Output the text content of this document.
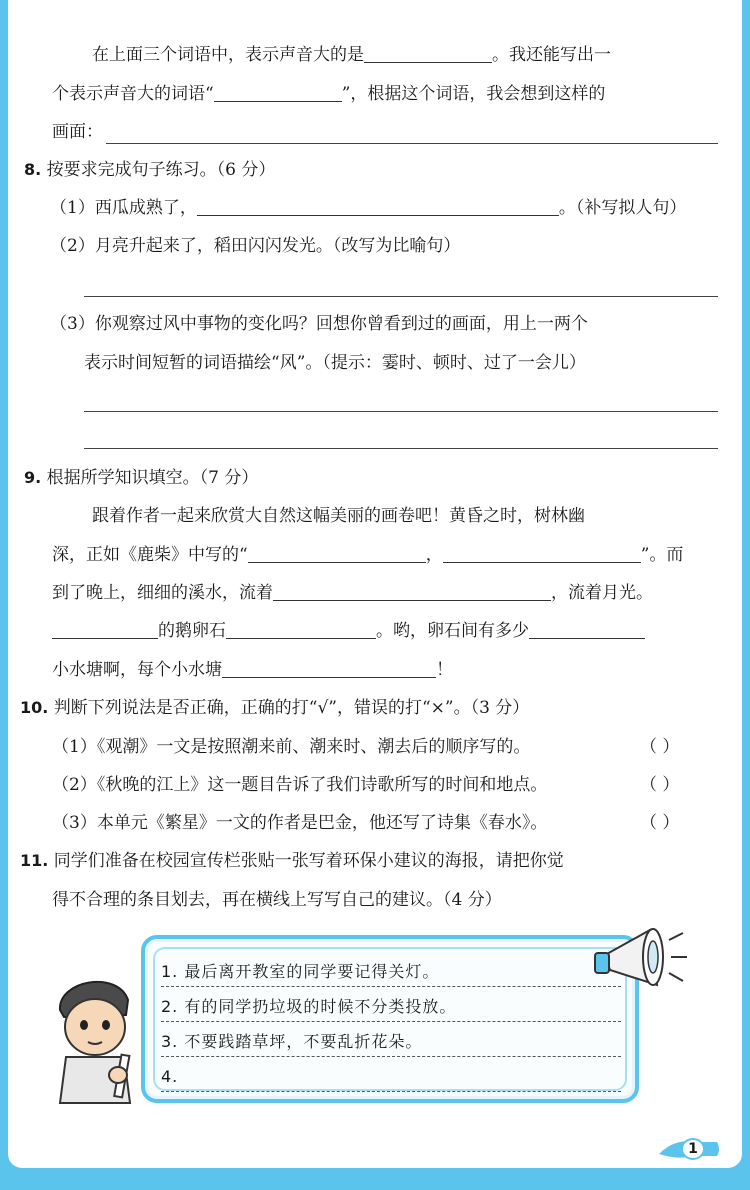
在上面三个词语中，表示声音大的是	。我还能写出一
个表示声音大的词语“	”，根据这个词语，我会想到这样的
画面：
8. 按要求完成句子练习。（6 分）
（1）西瓜成熟了，	。（补写拟人句）
（2）月亮升起来了，稻田闪闪发光。（改写为比喻句）
（3）你观察过风中事物的变化吗？回想你曾看到过的画面，用上一两个
表示时间短暂的词语描绘“风”。（提示：霎时、顿时、过了一会儿）
9. 根据所学知识填空。（7 分）
跟着作者一起来欣赏大自然这幅美丽的画卷吧！黄昏之时，树林幽
深，正如《鹿柴》中写的“	，	”。而
到了晚上，细细的溪水，流着	，流着月光。
的鹅卵石	。哟，卵石间有多少
小水塘啊，每个小水塘	！
10. 判断下列说法是否正确，正确的打“√”，错误的打“×”。（3 分）
（1）《观潮》一文是按照潮来前、潮来时、潮去后的顺序写的。	（ ）
（2）《秋晚的江上》这一题目告诉了我们诗歌所写的时间和地点。	（ ）
（3）本单元《繁星》一文的作者是巴金，他还写了诗集《春水》。	（ ）
11. 同学们准备在校园宣传栏张贴一张写着环保小建议的海报，请把你觉
得不合理的条目划去，再在横线上写写自己的建议。（4 分）
1. 最后离开教室的同学要记得关灯。
2. 有的同学扔垃圾的时候不分类投放。
3. 不要践踏草坪，不要乱折花朵。
4.
1
